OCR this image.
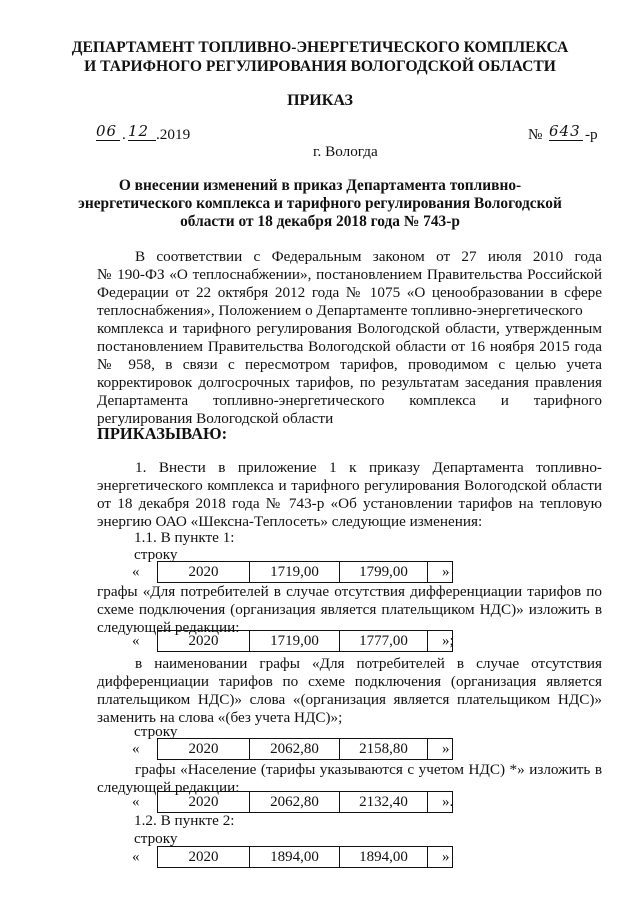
ДЕПАРТАМЕНТ ТОПЛИВНО-ЭНЕРГЕТИЧЕСКОГО КОМПЛЕКСА
И ТАРИФНОГО РЕГУЛИРОВАНИЯ ВОЛОГОДСКОЙ ОБЛАСТИ
ПРИКАЗ
06 . 12 .2019	№ 643 -р
г. Вологда
О внесении изменений в приказ Департамента топливно-
энергетического комплекса и тарифного регулирования Вологодской
области от 18 декабря 2018 года № 743-р
В соответствии с Федеральным законом от 27 июля 2010 года
№ 190-ФЗ «О теплоснабжении», постановлением Правительства Российской
Федерации от 22 октября 2012 года № 1075 «О ценообразовании в сфере
теплоснабжения», Положением о Департаменте топливно-энергетического
комплекса и тарифного регулирования Вологодской области, утвержденным
постановлением Правительства Вологодской области от 16 ноября 2015 года
№ 958, в связи с пересмотром тарифов, проводимом с целью учета
корректировок долгосрочных тарифов, по результатам заседания правления
Департамента топливно-энергетического комплекса и тарифного
регулирования Вологодской области
ПРИКАЗЫВАЮ:
1. Внести в приложение 1 к приказу Департамента топливно-
энергетического комплекса и тарифного регулирования Вологодской области
от 18 декабря 2018 года № 743-р «Об установлении тарифов на тепловую
энергию ОАО «Шексна-Теплосеть» следующие изменения:
1.1. В пункте 1:
строку
«	2020	1719,00	1799,00	»
графы «Для потребителей в случае отсутствия дифференциации тарифов по
схеме подключения (организация является плательщиком НДС)» изложить в
следующей редакции:
«	2020	1719,00	1777,00	»;
в наименовании графы «Для потребителей в случае отсутствия
дифференциации тарифов по схеме подключения (организация является
плательщиком НДС)» слова «(организация является плательщиком НДС)»
заменить на слова «(без учета НДС)»;
строку
«	2020	2062,80	2158,80	»
графы «Население (тарифы указываются с учетом НДС) *» изложить в
следующей редакции:
«	2020	2062,80	2132,40	».
1.2. В пункте 2:
строку
«	2020	1894,00	1894,00	»
